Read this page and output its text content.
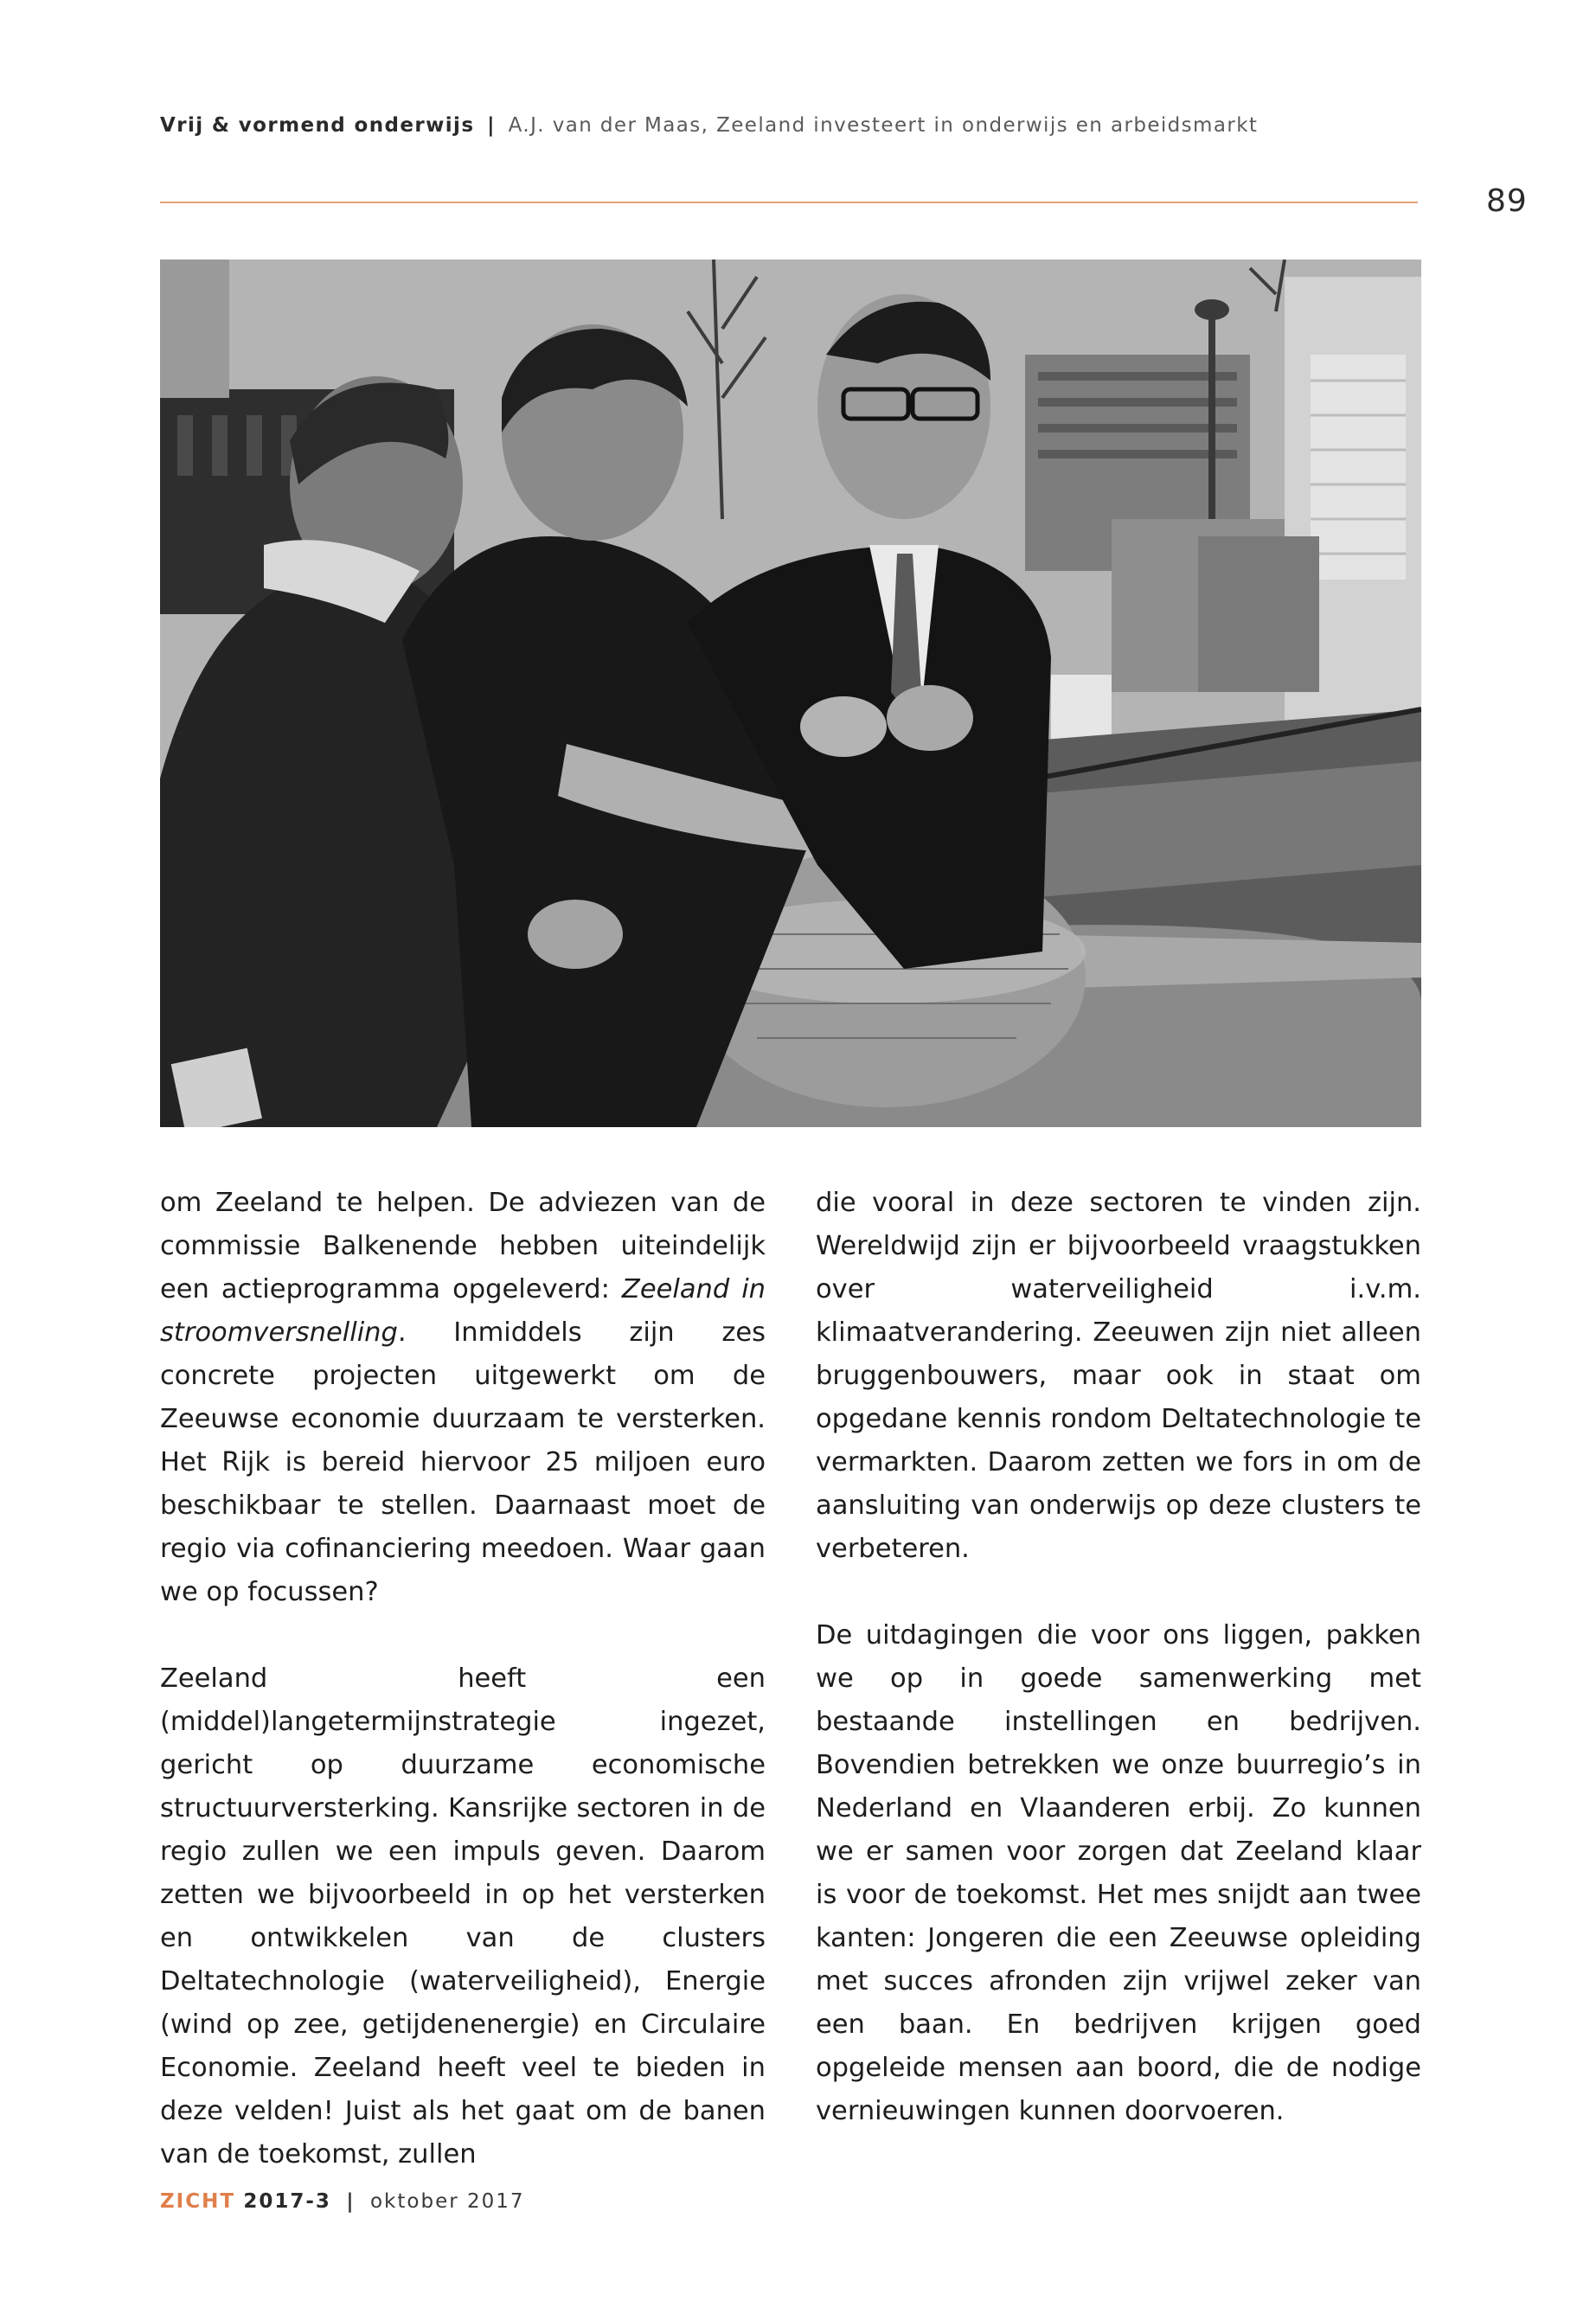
Vrij & vormend onderwijs | A.J. van der Maas, Zeeland investeert in onderwijs en arbeidsmarkt
89

om Zeeland te helpen. De adviezen van de commissie Balkenende hebben uiteindelijk een actieprogramma opgeleverd: Zeeland in stroomversnelling. Inmiddels zijn zes concrete projecten uitgewerkt om de Zeeuwse economie duurzaam te versterken. Het Rijk is bereid hiervoor 25 miljoen euro beschikbaar te stellen. Daarnaast moet de regio via cofinanciering meedoen. Waar gaan we op focussen?

Zeeland heeft een (middel)langetermijnstrategie ingezet, gericht op duurzame economische structuurversterking. Kansrijke sectoren in de regio zullen we een impuls geven. Daarom zetten we bijvoorbeeld in op het versterken en ontwikkelen van de clusters Deltatechnologie (waterveiligheid), Energie (wind op zee, getijdenenergie) en Circulaire Economie. Zeeland heeft veel te bieden in deze velden! Juist als het gaat om de banen van de toekomst, zullen

die vooral in deze sectoren te vinden zijn. Wereldwijd zijn er bijvoorbeeld vraagstukken over waterveiligheid i.v.m. klimaatverandering. Zeeuwen zijn niet alleen bruggenbouwers, maar ook in staat om opgedane kennis rondom Deltatechnologie te vermarkten. Daarom zetten we fors in om de aansluiting van onderwijs op deze clusters te verbeteren.

De uitdagingen die voor ons liggen, pakken we op in goede samenwerking met bestaande instellingen en bedrijven. Bovendien betrekken we onze buurregio’s in Nederland en Vlaanderen erbij. Zo kunnen we er samen voor zorgen dat Zeeland klaar is voor de toekomst. Het mes snijdt aan twee kanten: Jongeren die een Zeeuwse opleiding met succes afronden zijn vrijwel zeker van een baan. En bedrijven krijgen goed opgeleide mensen aan boord, die de nodige vernieuwingen kunnen doorvoeren.

ZICHT 2017-3 | oktober 2017
